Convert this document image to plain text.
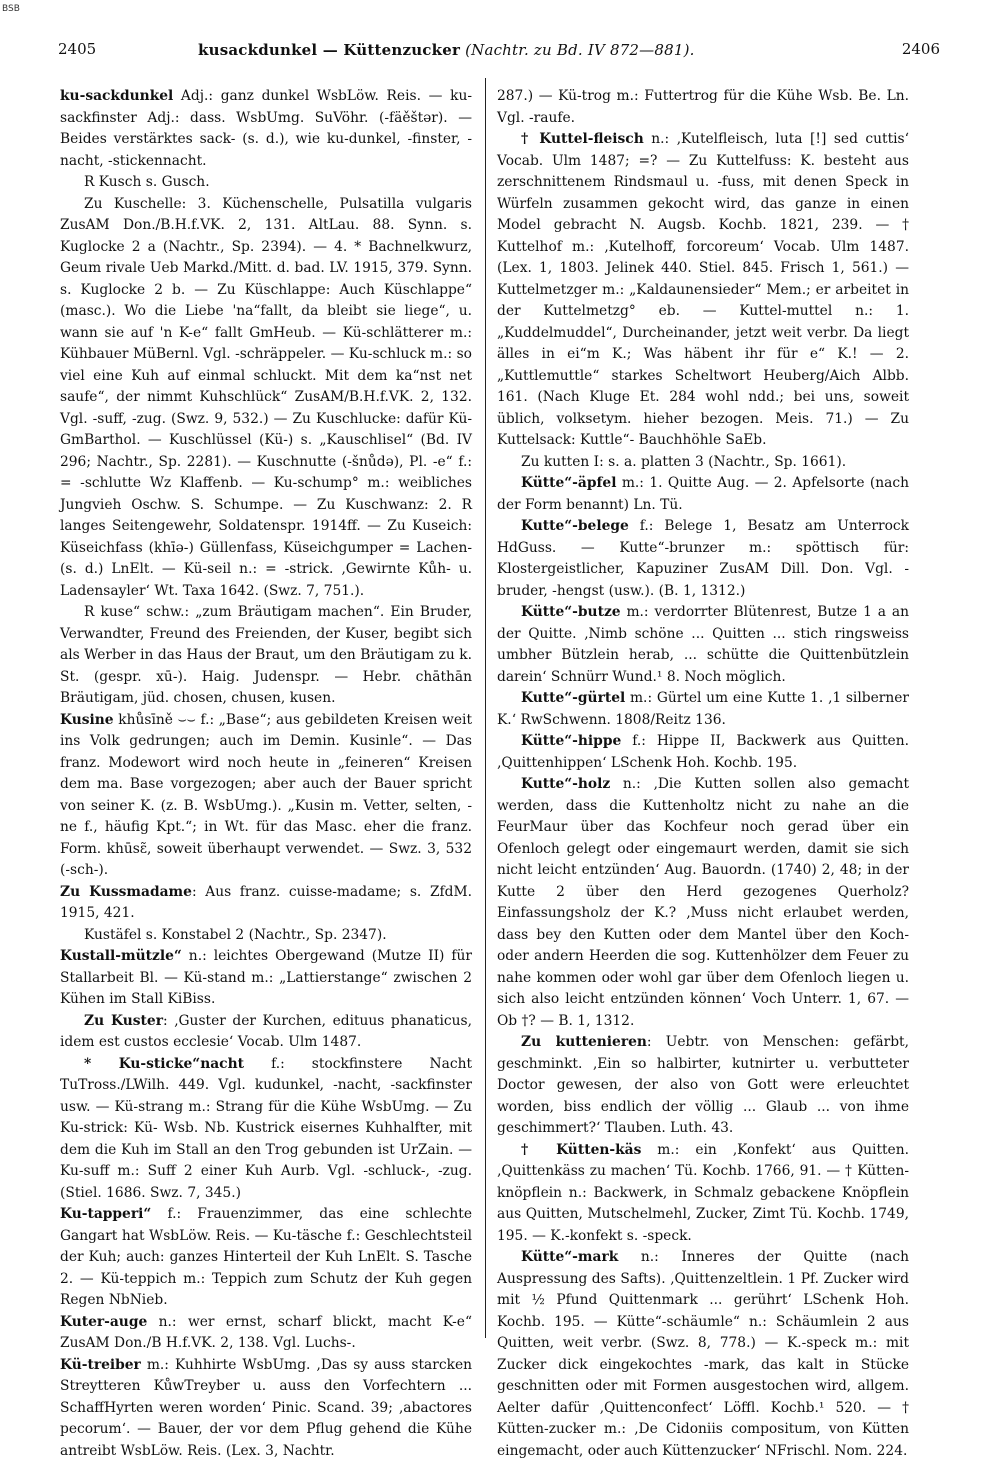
BSB
2405	kusackdunkel — Küttenzucker (Nachtr. zu Bd. IV 872—881).	2406

ku-sackdunkel Adj.: ganz dunkel WsbLöw. Reis. — ku-sackfinster Adj.: dass. WsbUmg. SuVöhr. (-fäěštər). — Beides verstärktes sack- (s. d.), wie ku-dunkel, -finster, -nacht, -stickennacht.

R Kusch s. Gusch.

Zu Kuschelle: 3. Küchenschelle, Pulsatilla vulgaris ZusAM Don./B.H.f.VK. 2, 131. AltLau. 88. Synn. s. Kuglocke 2 a (Nachtr., Sp. 2394). — 4. * Bachnelkwurz, Geum rivale Ueb Markd./Mitt. d. bad. LV. 1915, 379. Synn. s. Kuglocke 2 b. — Zu Küschlappe: Auch Küschlappe“ (masc.). Wo die Liebe 'na“fallt, da bleibt sie liege“, u. wann sie auf 'n K-e“ fallt GmHeub. — Kü-schlätterer m.: Kühbauer MüBernl. Vgl. -schräppeler. — Ku-schluck m.: so viel eine Kuh auf einmal schluckt. Mit dem ka“nst net saufe“, der nimmt Kuhschlück“ ZusAM/B.H.f.VK. 2, 132. Vgl. -suff, -zug. (Swz. 9, 532.) — Zu Kuschlucke: dafür Kü- GmBarthol. — Kuschlüssel (Kü-) s. „Kauschlisel“ (Bd. IV 296; Nachtr., Sp. 2281). — Kuschnutte (-šnůdə), Pl. -e“ f.: = -schlutte Wz Klaffenb. — Ku-schump° m.: weibliches Jungvieh Oschw. S. Schumpe. — Zu Kuschwanz: 2. R langes Seitengewehr, Soldatenspr. 1914ff. — Zu Kuseich: Küseichfass (khīə-) Güllenfass, Küseichgumper = Lachen- (s. d.) LnElt. — Kü-seil n.: = -strick. ‚Gewirnte Kůh- u. Ladensayler‘ Wt. Taxa 1642. (Swz. 7, 751.).

R kuse“ schw.: „zum Bräutigam machen“. Ein Bruder, Verwandter, Freund des Freienden, der Kuser, begibt sich als Werber in das Haus der Braut, um den Bräutigam zu k. St. (gespr. xū-). Haig. Judenspr. — Hebr. chāthān Bräutigam, jüd. chosen, chusen, kusen.

Kusine khůsīně ⌣⌣ f.: „Base“; aus gebildeten Kreisen weit ins Volk gedrungen; auch im Demin. Kusinle“. — Das franz. Modewort wird noch heute in „feineren“ Kreisen dem ma. Base vorgezogen; aber auch der Bauer spricht von seiner K. (z. B. WsbUmg.). „Kusin m. Vetter, selten, -ne f., häufig Kpt.“; in Wt. für das Masc. eher die franz. Form. khūsɛ̃, soweit überhaupt verwendet. — Swz. 3, 532 (-sch-).

Zu Kussmadame: Aus franz. cuisse-madame; s. ZfdM. 1915, 421.

Kustäfel s. Konstabel 2 (Nachtr., Sp. 2347).

Kustall-mützle“ n.: leichtes Obergewand (Mutze II) für Stallarbeit Bl. — Kü-stand m.: „Lattierstange“ zwischen 2 Kühen im Stall KiBiss.

Zu Kuster: ‚Guster der Kurchen, edituus phanaticus, idem est custos ecclesie‘ Vocab. Ulm 1487.

* Ku-sticke“nacht f.: stockfinstere Nacht TuTross./LWilh. 449. Vgl. kudunkel, -nacht, -sackfinster usw. — Kü-strang m.: Strang für die Kühe WsbUmg. — Zu Ku-strick: Kü- Wsb. Nb. Kustrick eisernes Kuhhalfter, mit dem die Kuh im Stall an den Trog gebunden ist UrZain. — Ku-suff m.: Suff 2 einer Kuh Aurb. Vgl. -schluck-, -zug. (Stiel. 1686. Swz. 7, 345.)

Ku-tapperi“ f.: Frauenzimmer, das eine schlechte Gangart hat WsbLöw. Reis. — Ku-täsche f.: Geschlechtsteil der Kuh; auch: ganzes Hinterteil der Kuh LnElt. S. Tasche 2. — Kü-teppich m.: Teppich zum Schutz der Kuh gegen Regen NbNieb.

Kuter-auge n.: wer ernst, scharf blickt, macht K-e“ ZusAM Don./B H.f.VK. 2, 138. Vgl. Luchs-.

Kü-treiber m.: Kuhhirte WsbUmg. ‚Das sy auss starcken Streytteren KůwTreyber u. auss den Vorfechtern ... SchaffHyrten weren worden‘ Pinic. Scand. 39; ‚abactores pecorum‘. — Bauer, der vor dem Pflug gehend die Kühe antreibt WsbLöw. Reis. (Lex. 3, Nachtr.

287.) — Kü-trog m.: Futtertrog für die Kühe Wsb. Be. Ln. Vgl. -raufe.

† Kuttel-fleisch n.: ‚Kutelfleisch, luta [!] sed cuttis‘ Vocab. Ulm 1487; =? — Zu Kuttelfuss: K. besteht aus zerschnittenem Rindsmaul u. -fuss, mit denen Speck in Würfeln zusammen gekocht wird, das ganze in einen Model gebracht N. Augsb. Kochb. 1821, 239. — † Kuttelhof m.: ‚Kutelhoff, forcoreum‘ Vocab. Ulm 1487. (Lex. 1, 1803. Jelinek 440. Stiel. 845. Frisch 1, 561.) — Kuttelmetzger m.: „Kaldaunensieder“ Mem.; er arbeitet in der Kuttelmetzg° eb. — Kuttel-muttel n.: 1. „Kuddelmuddel“, Durcheinander, jetzt weit verbr. Da liegt älles in ei“m K.; Was häbent ihr für e“ K.! — 2. „Kuttlemuttle“ starkes Scheltwort Heuberg/Aich Albb. 161. (Nach Kluge Et. 284 wohl ndd.; bei uns, soweit üblich, volksetym. hieher bezogen. Meis. 71.) — Zu Kuttelsack: Kuttle“- Bauchhöhle SaEb.

Zu kutten I: s. a. platten 3 (Nachtr., Sp. 1661).

Kütte“-äpfel m.: 1. Quitte Aug. — 2. Apfelsorte (nach der Form benannt) Ln. Tü.

Kutte“-belege f.: Belege 1, Besatz am Unterrock HdGuss. — Kutte“-brunzer m.: spöttisch für: Klostergeistlicher, Kapuziner ZusAM Dill. Don. Vgl. -bruder, -hengst (usw.). (B. 1, 1312.)

Kütte“-butze m.: verdorrter Blütenrest, Butze 1 a an der Quitte. ‚Nimb schöne ... Quitten ... stich ringsweiss umbher Bützlein herab, ... schütte die Quittenbützlein darein‘ Schnürr Wund.¹ 8. Noch möglich.

Kutte“-gürtel m.: Gürtel um eine Kutte 1. ‚1 silberner K.‘ RwSchwenn. 1808/Reitz 136.

Kütte“-hippe f.: Hippe II, Backwerk aus Quitten. ‚Quittenhippen‘ LSchenk Hoh. Kochb. 195.

Kutte“-holz n.: ‚Die Kutten sollen also gemacht werden, dass die Kuttenholtz nicht zu nahe an die FeurMaur über das Kochfeur noch gerad über ein Ofenloch gelegt oder eingemaurt werden, damit sie sich nicht leicht entzünden‘ Aug. Bauordn. (1740) 2, 48; in der Kutte 2 über den Herd gezogenes Querholz? Einfassungsholz der K.? ‚Muss nicht erlaubet werden, dass bey den Kutten oder dem Mantel über den Koch- oder andern Heerden die sog. Kuttenhölzer dem Feuer zu nahe kommen oder wohl gar über dem Ofenloch liegen u. sich also leicht entzünden können‘ Voch Unterr. 1, 67. — Ob †? — B. 1, 1312.

Zu kuttenieren: Uebtr. von Menschen: gefärbt, geschminkt. ‚Ein so halbirter, kutnirter u. verbutteter Doctor gewesen, der also von Gott were erleuchtet worden, biss endlich der völlig ... Glaub ... von ihme geschimmert?‘ Tlauben. Luth. 43.

† Kütten-käs m.: ein ‚Konfekt‘ aus Quitten. ‚Quittenkäss zu machen‘ Tü. Kochb. 1766, 91. — † Kütten-knöpflein n.: Backwerk, in Schmalz gebackene Knöpflein aus Quitten, Mutschelmehl, Zucker, Zimt Tü. Kochb. 1749, 195. — K.-konfekt s. -speck.

Kütte“-mark n.: Inneres der Quitte (nach Auspressung des Safts). ‚Quittenzeltlein. 1 Pf. Zucker wird mit ½ Pfund Quittenmark ... gerührt‘ LSchenk Hoh. Kochb. 195. — Kütte“-schäumle“ n.: Schäumlein 2 aus Quitten, weit verbr. (Swz. 8, 778.) — K.-speck m.: mit Zucker dick eingekochtes -mark, das kalt in Stücke geschnitten oder mit Formen ausgestochen wird, allgem. Aelter dafür ‚Quittenconfect‘ Löffl. Kochb.¹ 520. — † Kütten-zucker m.: ‚De Cidoniis compositum, von Kütten eingemacht, oder auch Küttenzucker‘ NFrischl. Nom. 224.
